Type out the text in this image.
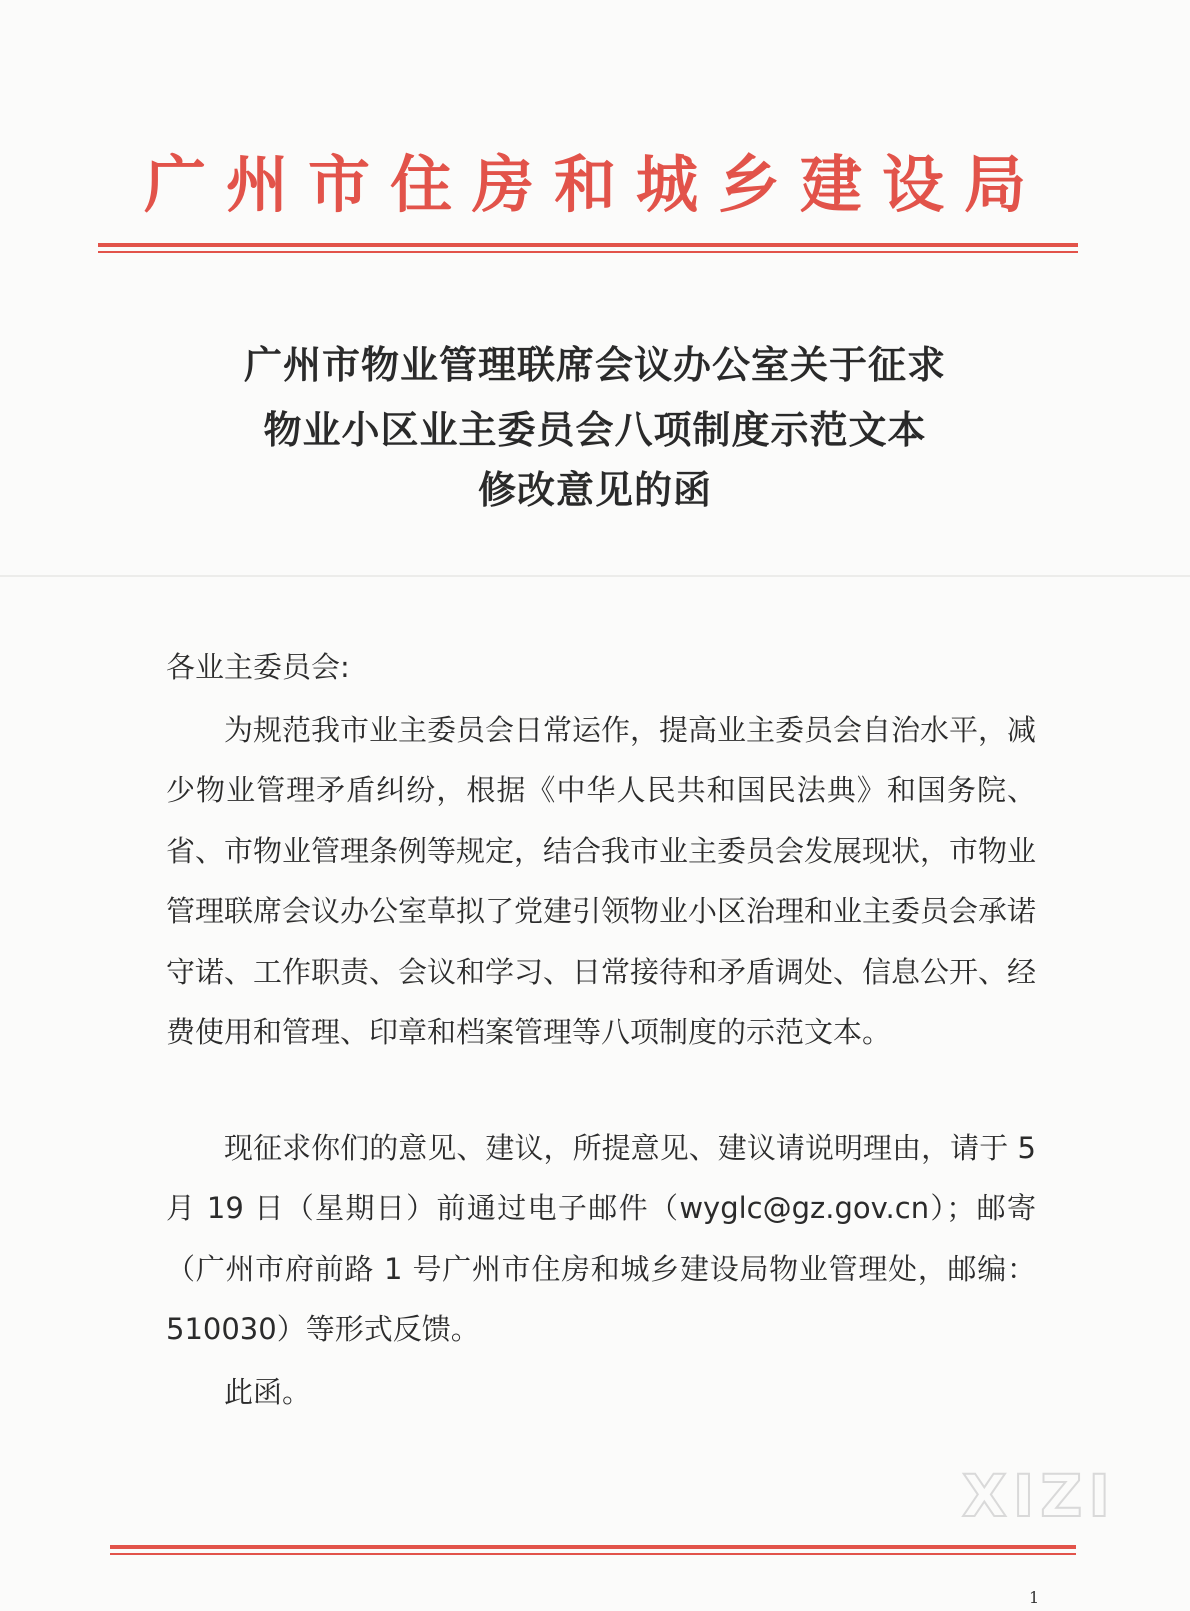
广州市住房和城乡建设局
广州市物业管理联席会议办公室关于征求
物业小区业主委员会八项制度示范文本
修改意见的函
各业主委员会:

为规范我市业主委员会日常运作，提高业主委员会自治水平，减少物业管理矛盾纠纷，根据《中华人民共和国民法典》和国务院、省、市物业管理条例等规定，结合我市业主委员会发展现状，市物业管理联席会议办公室草拟了党建引领物业小区治理和业主委员会承诺守诺、工作职责、会议和学习、日常接待和矛盾调处、信息公开、经费使用和管理、印章和档案管理等八项制度的示范文本。

现征求你们的意见、建议，所提意见、建议请说明理由，请于 5 月 19 日（星期日）前通过电子邮件（wyglc@gz.gov.cn）；邮寄（广州市府前路 1 号广州市住房和城乡建设局物业管理处，邮编：510030）等形式反馈。

此函。

XIZI
1
